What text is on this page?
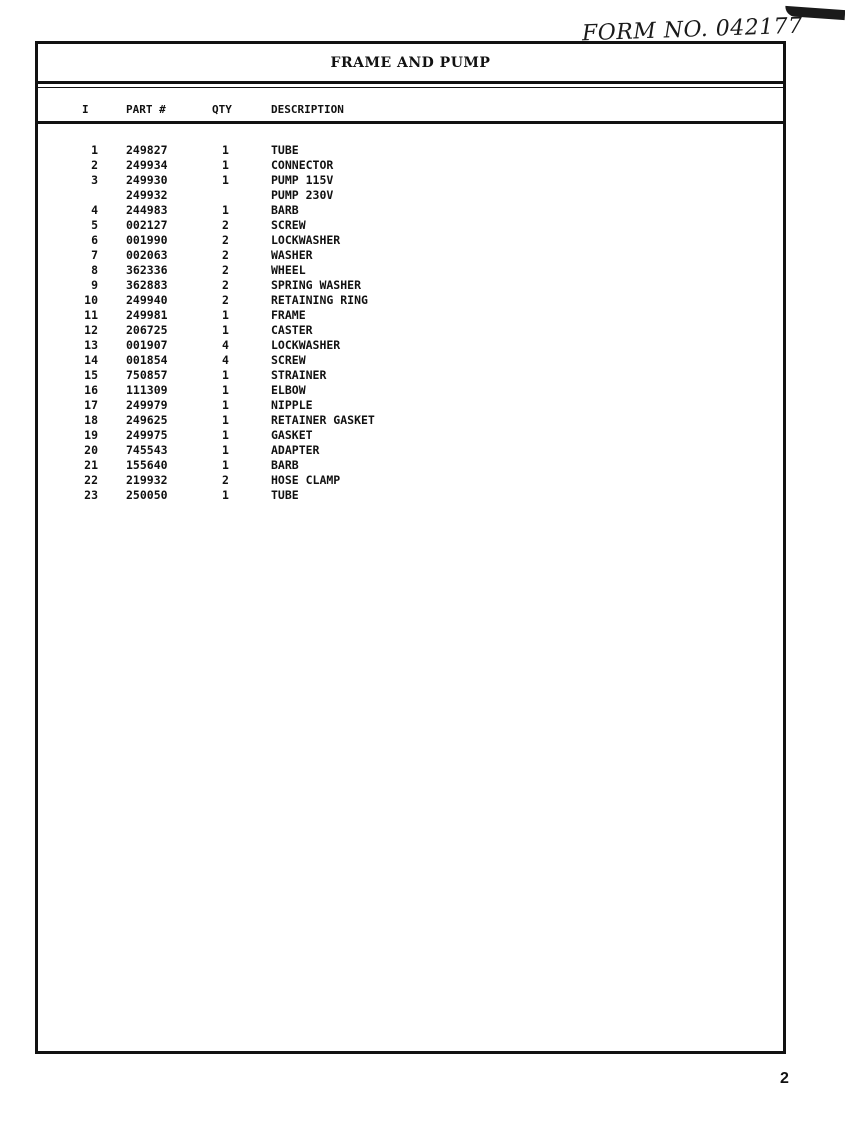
FORM NO. 042177
FRAME AND PUMP
I	PART #	QTY	DESCRIPTION
1 249827	1	TUBE
2 249934	1	CONNECTOR
3 249930	1	PUMP 115V
249932	PUMP 230V
4 244983	1	BARB
5 002127	2	SCREW
6 001990	2	LOCKWASHER
7 002063	2	WASHER
8 362336	2	WHEEL
9 362883	2	SPRING WASHER
10 249940	2	RETAINING RING
11 249981	1	FRAME
12 206725	1	CASTER
13 001907	4	LOCKWASHER
14 001854	4	SCREW
15 750857	1	STRAINER
16 111309	1	ELBOW
17 249979	1	NIPPLE
18 249625	1	RETAINER GASKET
19 249975	1	GASKET
20 745543	1	ADAPTER
21 155640	1	BARB
22 219932	2	HOSE CLAMP
23 250050	1	TUBE
2
